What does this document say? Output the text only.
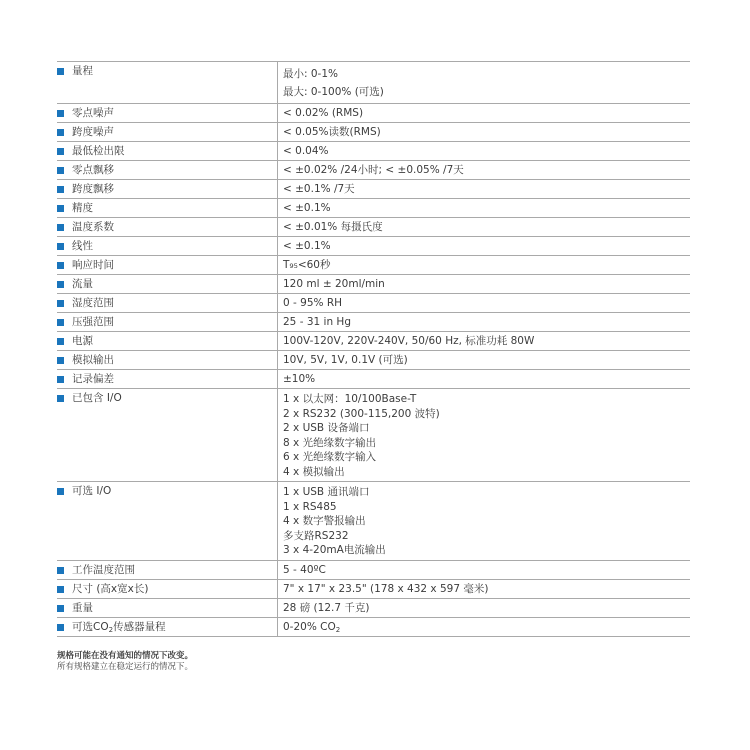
量程	最小: 0-1%
最大: 0-100% (可选)
零点噪声	< 0.02% (RMS)
跨度噪声	< 0.05%读数(RMS)
最低检出限	< 0.04%
零点飘移	< ±0.02% /24小时; < ±0.05% /7天
跨度飘移	< ±0.1% /7天
精度	< ±0.1%
温度系数	< ±0.01% 每摄氏度
线性	< ±0.1%
响应时间	T₉₅<60秒
流量	120 ml ± 20ml/min
湿度范围	0 - 95% RH
压强范围	25 - 31 in Hg
电源	100V-120V, 220V-240V, 50/60 Hz, 标准功耗 80W
模拟输出	10V, 5V, 1V, 0.1V (可选)
记录偏差	±10%
已包含 I/O	1 x 以太网：10/100Base-T
2 x RS232 (300-115,200 波特)
2 x USB 设备端口
8 x 光绝缘数字输出
6 x 光绝缘数字输入
4 x 模拟输出
可选 I/O	1 x USB 通讯端口
1 x RS485
4 x 数字警报输出
多支路RS232
3 x 4-20mA电流输出
工作温度范围	5 - 40ºC
尺寸 (高x宽x长)	7" x 17" x 23.5" (178 x 432 x 597 毫米)
重量	28 磅 (12.7 千克)
可选$CO_2$传感器量程	0-20% $CO_2$
规格可能在没有通知的情况下改变。
所有规格建立在稳定运行的情况下。
